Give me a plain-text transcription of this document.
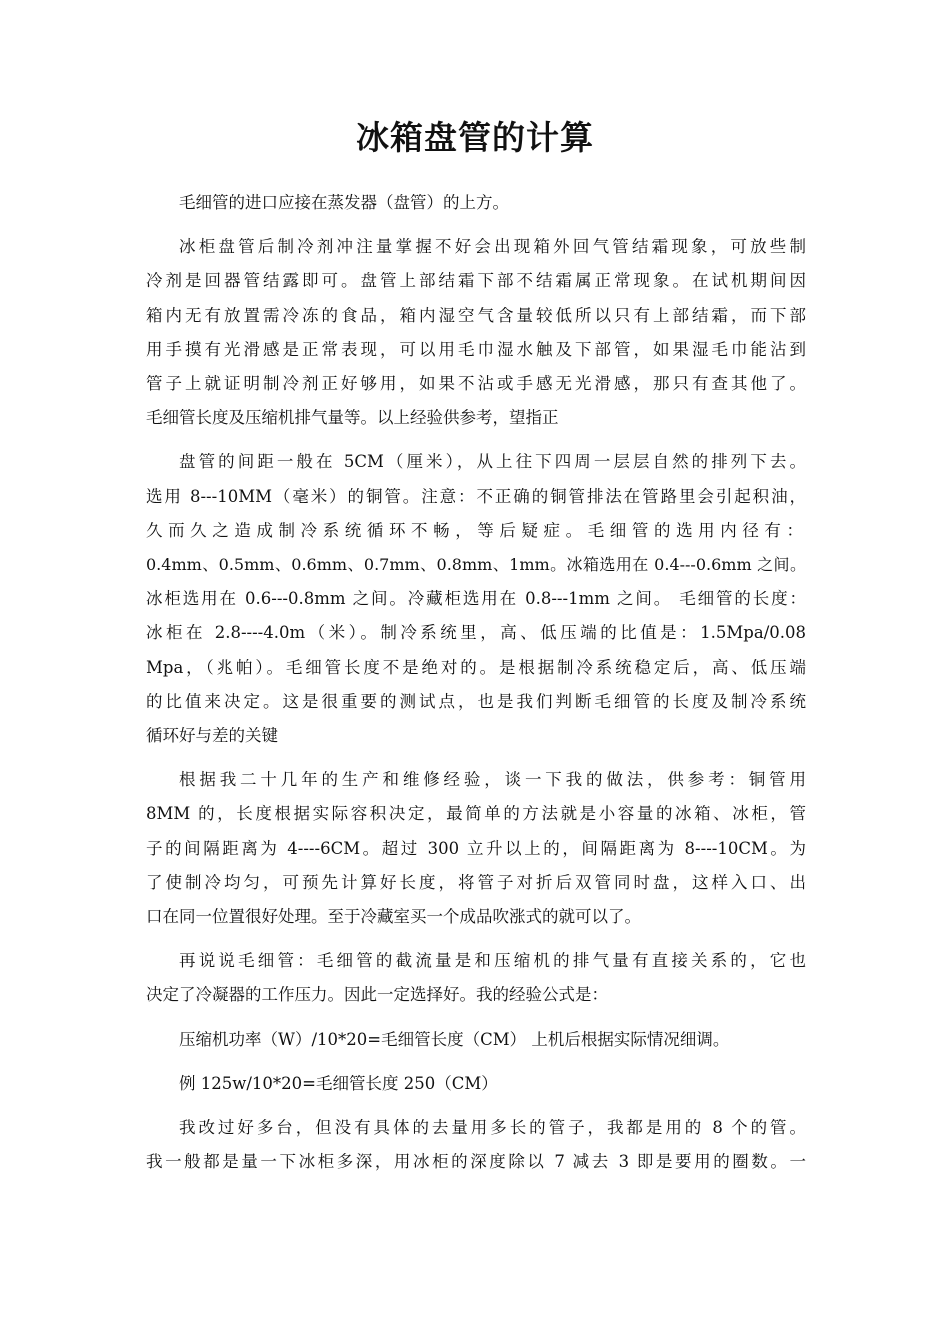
冰箱盘管的计算

毛细管的进口应接在蒸发器（盘管）的上方。

冰柜盘管后制冷剂冲注量掌握不好会出现箱外回气管结霜现象，可放些制
冷剂是回器管结露即可。盘管上部结霜下部不结霜属正常现象。在试机期间因
箱内无有放置需冷冻的食品，箱内湿空气含量较低所以只有上部结霜，而下部
用手摸有光滑感是正常表现，可以用毛巾湿水触及下部管，如果湿毛巾能沾到
管子上就证明制冷剂正好够用，如果不沾或手感无光滑感，那只有查其他了。
毛细管长度及压缩机排气量等。以上经验供参考，望指正

盘管的间距一般在 5CM（厘米），从上往下四周一层层自然的排列下去。
选用 8---10MM（毫米）的铜管。注意：不正确的铜管排法在管路里会引起积油，
久而久之造成制冷系统循环不畅，等后疑症。毛细管的选用内径有：
0.4mm、0.5mm、0.6mm、0.7mm、0.8mm、1mm。冰箱选用在 0.4---0.6mm 之间。
冰柜选用在 0.6---0.8mm 之间。冷藏柜选用在 0.8---1mm 之间。 毛细管的长度：
冰柜在 2.8----4.0m（米）。制冷系统里，高、低压端的比值是：1.5Mpa/0.08
Mpa，（兆帕）。毛细管长度不是绝对的。是根据制冷系统稳定后，高、低压端
的比值来决定。这是很重要的测试点，也是我们判断毛细管的长度及制冷系统
循环好与差的关键

根据我二十几年的生产和维修经验，谈一下我的做法，供参考：铜管用
8MM 的，长度根据实际容积决定，最简单的方法就是小容量的冰箱、冰柜，管
子的间隔距离为 4----6CM。超过 300 立升以上的，间隔距离为 8----10CM。为
了使制冷均匀，可预先计算好长度，将管子对折后双管同时盘，这样入口、出
口在同一位置很好处理。至于冷藏室买一个成品吹涨式的就可以了。

再说说毛细管：毛细管的截流量是和压缩机的排气量有直接关系的，它也
决定了冷凝器的工作压力。因此一定选择好。我的经验公式是：

压缩机功率（W）/10*20=毛细管长度（CM） 上机后根据实际情况细调。

例 125w/10*20=毛细管长度 250（CM）

我改过好多台，但没有具体的去量用多长的管子，我都是用的 8 个的管。
我一般都是量一下冰柜多深，用冰柜的深度除以 7 减去 3 即是要用的圈数。一
